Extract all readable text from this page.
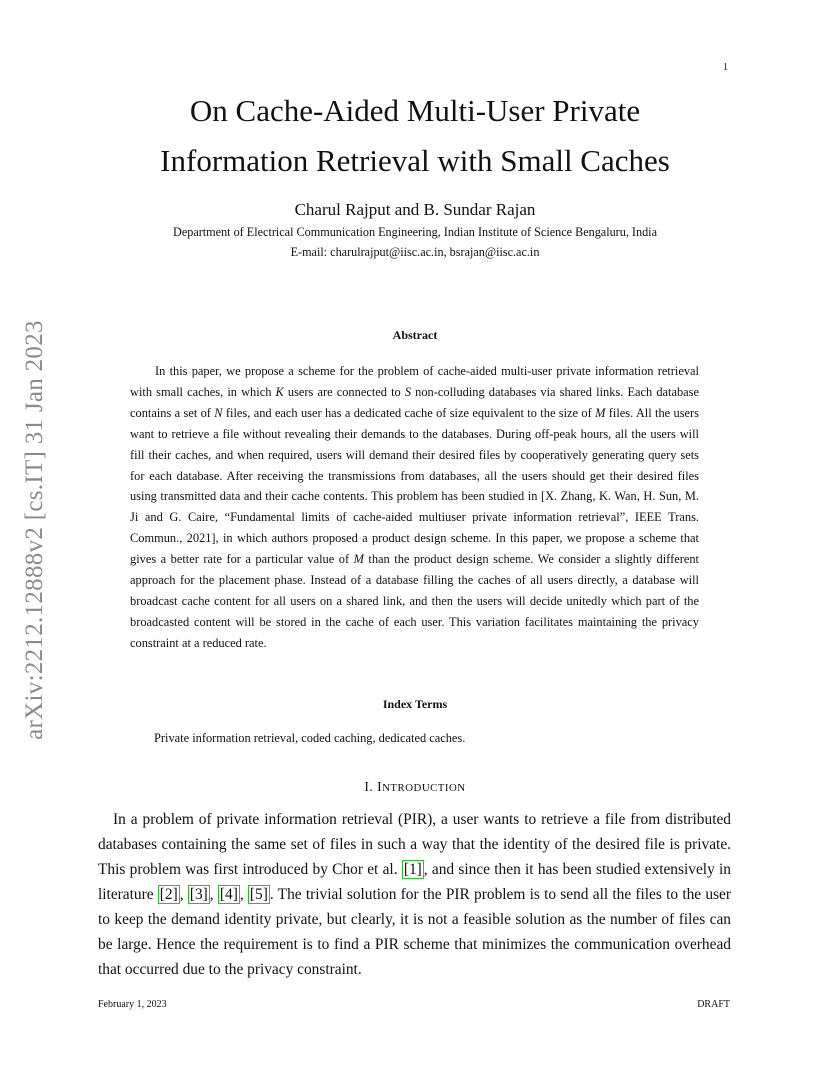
1
arXiv:2212.12888v2 [cs.IT] 31 Jan 2023
On Cache-Aided Multi-User Private
Information Retrieval with Small Caches
Charul Rajput and B. Sundar Rajan
Department of Electrical Communication Engineering, Indian Institute of Science Bengaluru, India
E-mail: charulrajput@iisc.ac.in, bsrajan@iisc.ac.in
Abstract

In this paper, we propose a scheme for the problem of cache-aided multi-user private information retrieval with small caches, in which K users are connected to S non-colluding databases via shared links. Each database contains a set of N files, and each user has a dedicated cache of size equivalent to the size of M files. All the users want to retrieve a file without revealing their demands to the databases. During off-peak hours, all the users will fill their caches, and when required, users will demand their desired files by cooperatively generating query sets for each database. After receiving the transmissions from databases, all the users should get their desired files using transmitted data and their cache contents. This problem has been studied in [X. Zhang, K. Wan, H. Sun, M. Ji and G. Caire, “Fundamental limits of cache-aided multiuser private information retrieval”, IEEE Trans. Commun., 2021], in which authors proposed a product design scheme. In this paper, we propose a scheme that gives a better rate for a particular value of M than the product design scheme. We consider a slightly different approach for the placement phase. Instead of a database filling the caches of all users directly, a database will broadcast cache content for all users on a shared link, and then the users will decide unitedly which part of the broadcasted content will be stored in the cache of each user. This variation facilitates maintaining the privacy constraint at a reduced rate.

Index Terms
Private information retrieval, coded caching, dedicated caches.
I. INTRODUCTION

In a problem of private information retrieval (PIR), a user wants to retrieve a file from distributed databases containing the same set of files in such a way that the identity of the desired file is private. This problem was first introduced by Chor et al. [1] , and since then it has been studied extensively in literature [2] , [3] , [4] , [5] . The trivial solution for the PIR problem is to send all the files to the user to keep the demand identity private, but clearly, it is not a feasible solution as the number of files can be large. Hence the requirement is to find a PIR scheme that minimizes the communication overhead that occurred due to the privacy constraint.

February 1, 2023	DRAFT
